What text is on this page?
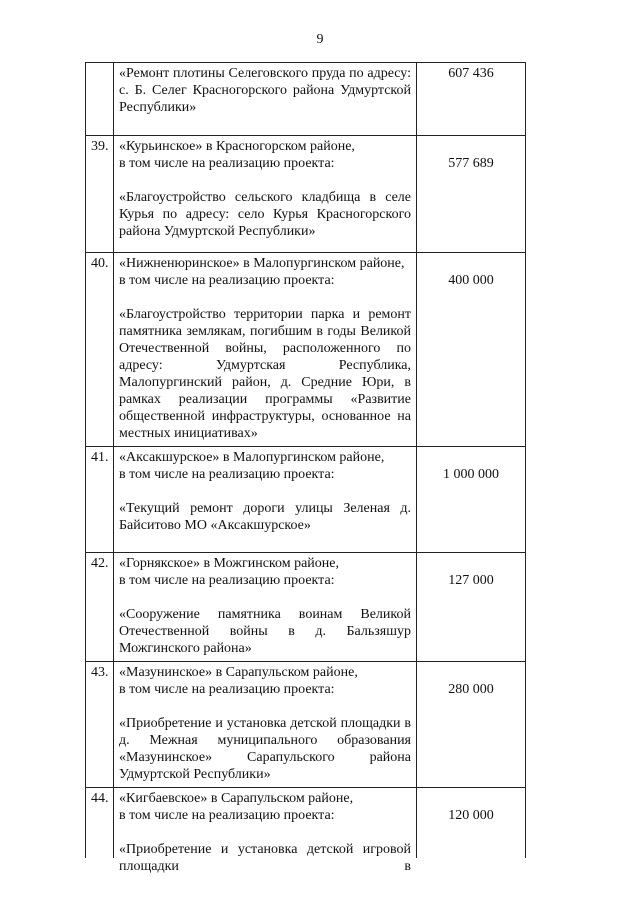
9

	«Ремонт плотины Селеговского пруда по адресу: с. Б. Селег Красногорского района Удмуртской Республики»	607 436
39.	«Курьинское» в Красногорском районе,
в том числе на реализацию проекта:
«Благоустройство сельского кладбища в селе Курья по адресу: село Курья Красногорского района Удмуртской Республики»	577 689

40.	«Нижненюринское» в Малопургинском районе,
в том числе на реализацию проекта:
«Благоустройство территории парка и ремонт памятника землякам, погибшим в годы Великой Отечественной войны, расположенного по адресу: Удмуртская Республика, Малопургинский район, д. Средние Юри, в рамках реализации программы «Развитие общественной инфраструктуры, основанное на местных инициативах»	400 000

41.	«Аксакшурское» в Малопургинском районе,
в том числе на реализацию проекта:
«Текущий ремонт дороги улицы Зеленая д. Байситово МО «Аксакшурское»	1 000 000

42.	«Горнякское» в Можгинском районе,
в том числе на реализацию проекта:
«Сооружение памятника воинам Великой Отечественной войны в д. Бальзяшур Можгинского района»	127 000

43.	«Мазунинское» в Сарапульском районе,
в том числе на реализацию проекта:
«Приобретение и установка детской площадки в д. Межная муниципального образования «Мазунинское» Сарапульского района Удмуртской Республики»	280 000

44.	«Кигбаевское» в Сарапульском районе,
в том числе на реализацию проекта:
«Приобретение и установка детской игровой площадки в	120 000
